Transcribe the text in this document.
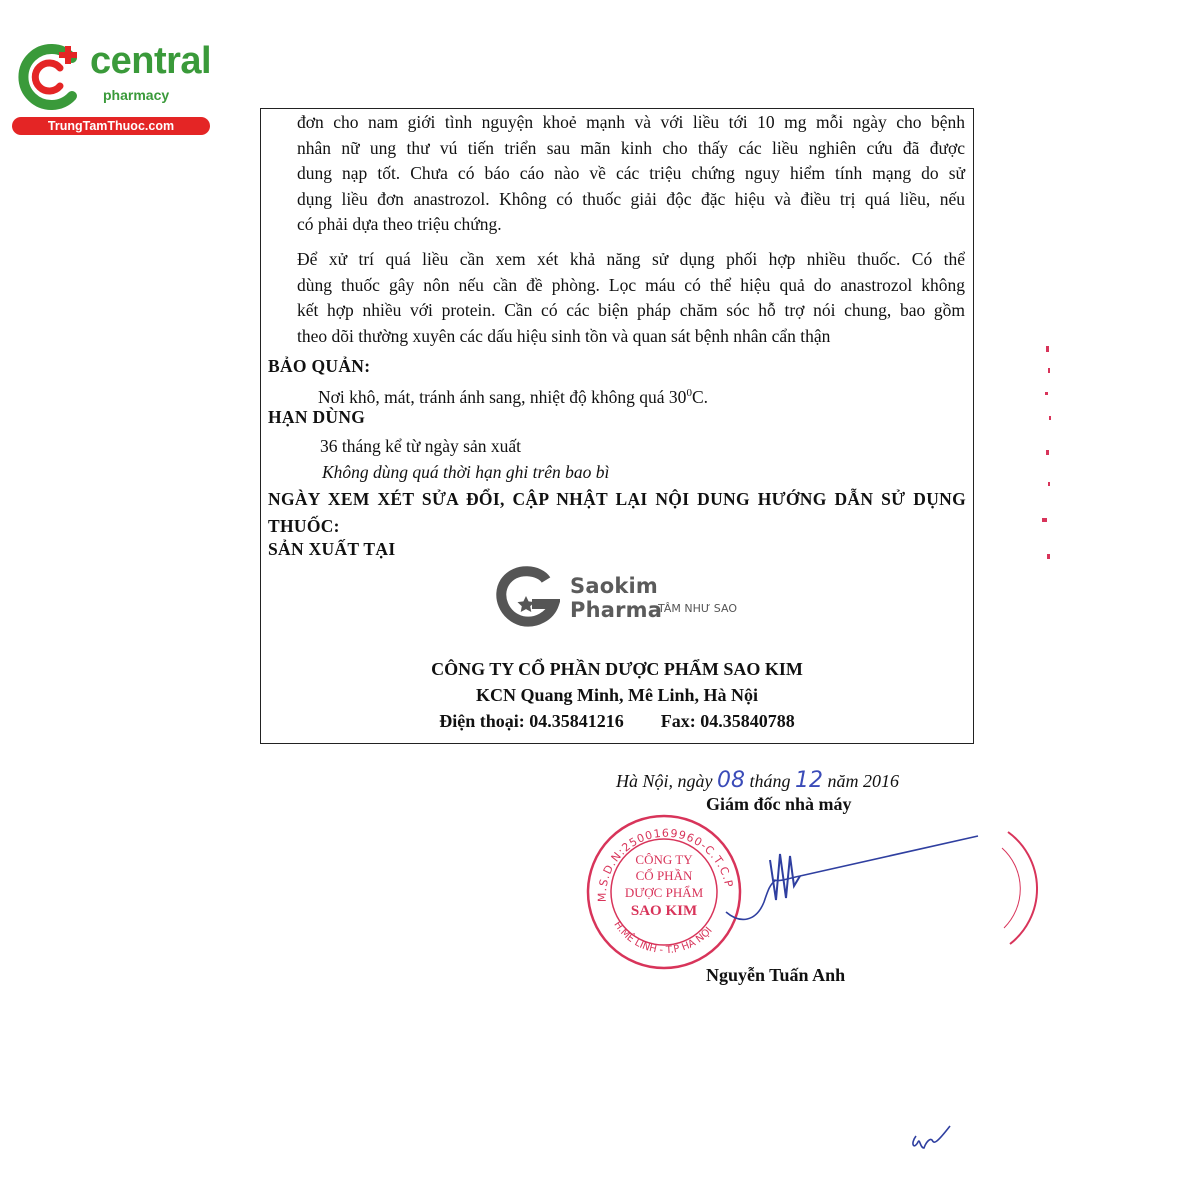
central
pharmacy
TrungTamThuoc.com	đơn cho nam giới tình nguyện khoẻ mạnh và với liều tới 10 mg mỗi ngày cho bệnh
nhân nữ ung thư vú tiến triển sau mãn kinh cho thấy các liều nghiên cứu đã được
dung nạp tốt. Chưa có báo cáo nào về các triệu chứng nguy hiểm tính mạng do sử
dụng liều đơn anastrozol. Không có thuốc giải độc đặc hiệu và điều trị quá liều, nếu
có phải dựa theo triệu chứng.
Để xử trí quá liều cần xem xét khả năng sử dụng phối hợp nhiều thuốc. Có thể
dùng thuốc gây nôn nếu cần đề phòng. Lọc máu có thể hiệu quả do anastrozol không
kết hợp nhiều với protein. Cần có các biện pháp chăm sóc hỗ trợ nói chung, bao gồm
theo dõi thường xuyên các dấu hiệu sinh tồn và quan sát bệnh nhân cẩn thận
BẢO QUẢN:
Nơi khô, mát, tránh ánh sang, nhiệt độ không quá $30^0C$.
HẠN DÙNG
36 tháng kể từ ngày sản xuất
Không dùng quá thời hạn ghi trên bao bì
NGÀY XEM XÉT SỬA ĐỔI, CẬP NHẬT LẠI NỘI DUNG HƯỚNG DẪN SỬ DỤNG THUỐC:
SẢN XUẤT TẠI
Saokim Pharma
TÂM NHƯ SAO
CÔNG TY CỔ PHẦN DƯỢC PHẨM SAO KIM
KCN Quang Minh, Mê Linh, Hà Nội
Điện thoại: 04.35841216 Fax: 04.35840788
Hà Nội, ngày 08 tháng 12 năm 2016
Giám đốc nhà máy
M.S.D.N:2500169960-C.T.C.P
H.MÊ LINH - T.P HÀ NỘI
CÔNG TY
CỔ PHẦN
DƯỢC PHẨM
SAO KIM
Nguyễn Tuấn Anh
